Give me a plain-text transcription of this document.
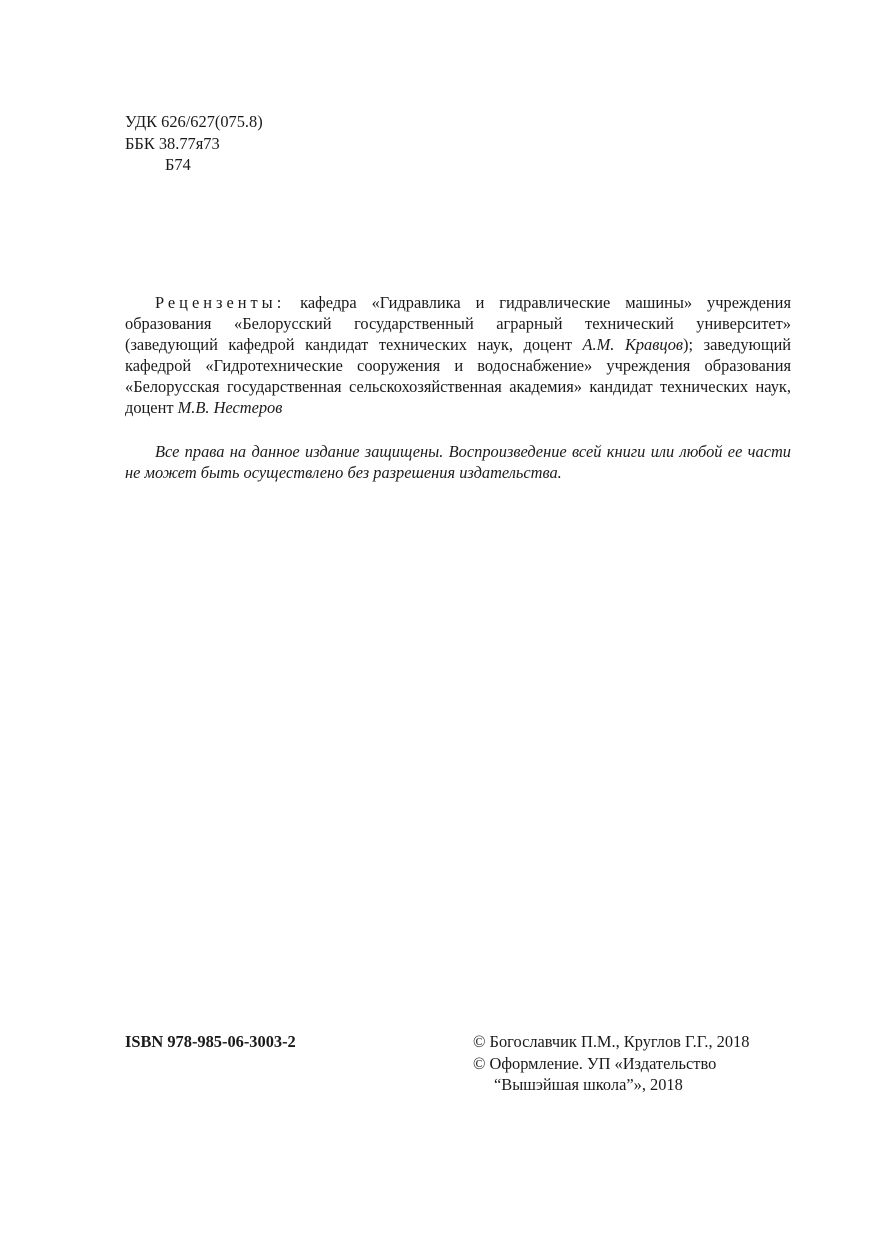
УДК 626/627(075.8)
ББК 38.77я73
Б74
Рецензенты: кафедра «Гидравлика и гидравлические машины» учреждения образования «Белорусский государственный аграрный технический университет» (заведующий кафедрой кандидат технических наук, доцент А.М. Кравцов); заведующий кафедрой «Гидротехнические сооружения и водоснабжение» учреждения образования «Белорусская государственная сельскохозяйственная академия» кандидат технических наук, доцент М.В. Нестеров
Все права на данное издание защищены. Воспроизведение всей книги или любой ее части не может быть осуществлено без разрешения издательства.
ISBN 978-985-06-3003-2	© Богославчик П.М., Круглов Г.Г., 2018
© Оформление. УП «Издательство
“Вышэйшая школа”», 2018
